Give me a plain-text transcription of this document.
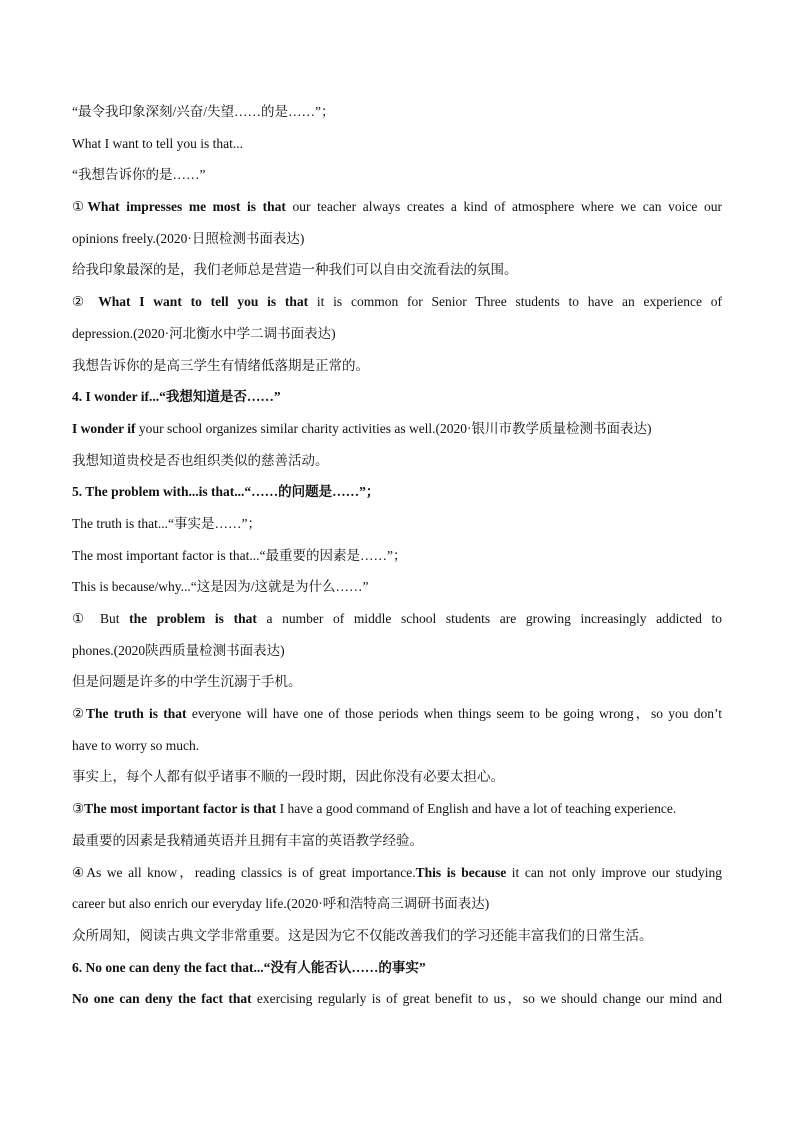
“最令我印象深刻/兴奋/失望……的是……”；
What I want to tell you is that...
“我想告诉你的是……”
①What impresses me most is that our teacher always creates a kind of atmosphere where we can voice our
opinions freely.(2020·日照检测书面表达)
给我印象最深的是，我们老师总是营造一种我们可以自由交流看法的氛围。
② What I want to tell you is that it is common for Senior Three students to have an experience of
depression.(2020·河北衡水中学二调书面表达)
我想告诉你的是高三学生有情绪低落期是正常的。
4. I wonder if...“我想知道是否……”
I wonder if your school organizes similar charity activities as well.(2020·银川市教学质量检测书面表达)
我想知道贵校是否也组织类似的慈善活动。
5. The problem with...is that...“……的问题是……”；
The truth is that...“事实是……”；
The most important factor is that...“最重要的因素是……”；
This is because/why...“这是因为/这就是为什么……”
① But the problem is that a number of middle school students are growing increasingly addicted to
phones.(2020陕西质量检测书面表达)
但是问题是许多的中学生沉溺于手机。
②The truth is that everyone will have one of those periods when things seem to be going wrong，so you don’t
have to worry so much.
事实上，每个人都有似乎诸事不顺的一段时期，因此你没有必要太担心。
③The most important factor is that I have a good command of English and have a lot of teaching experience.
最重要的因素是我精通英语并且拥有丰富的英语教学经验。
④As we all know，reading classics is of great importance.This is because it can not only improve our studying
career but also enrich our everyday life.(2020·呼和浩特高三调研书面表达)
众所周知，阅读古典文学非常重要。这是因为它不仅能改善我们的学习还能丰富我们的日常生活。
6. No one can deny the fact that...“没有人能否认……的事实”
No one can deny the fact that exercising regularly is of great benefit to us，so we should change our mind and
